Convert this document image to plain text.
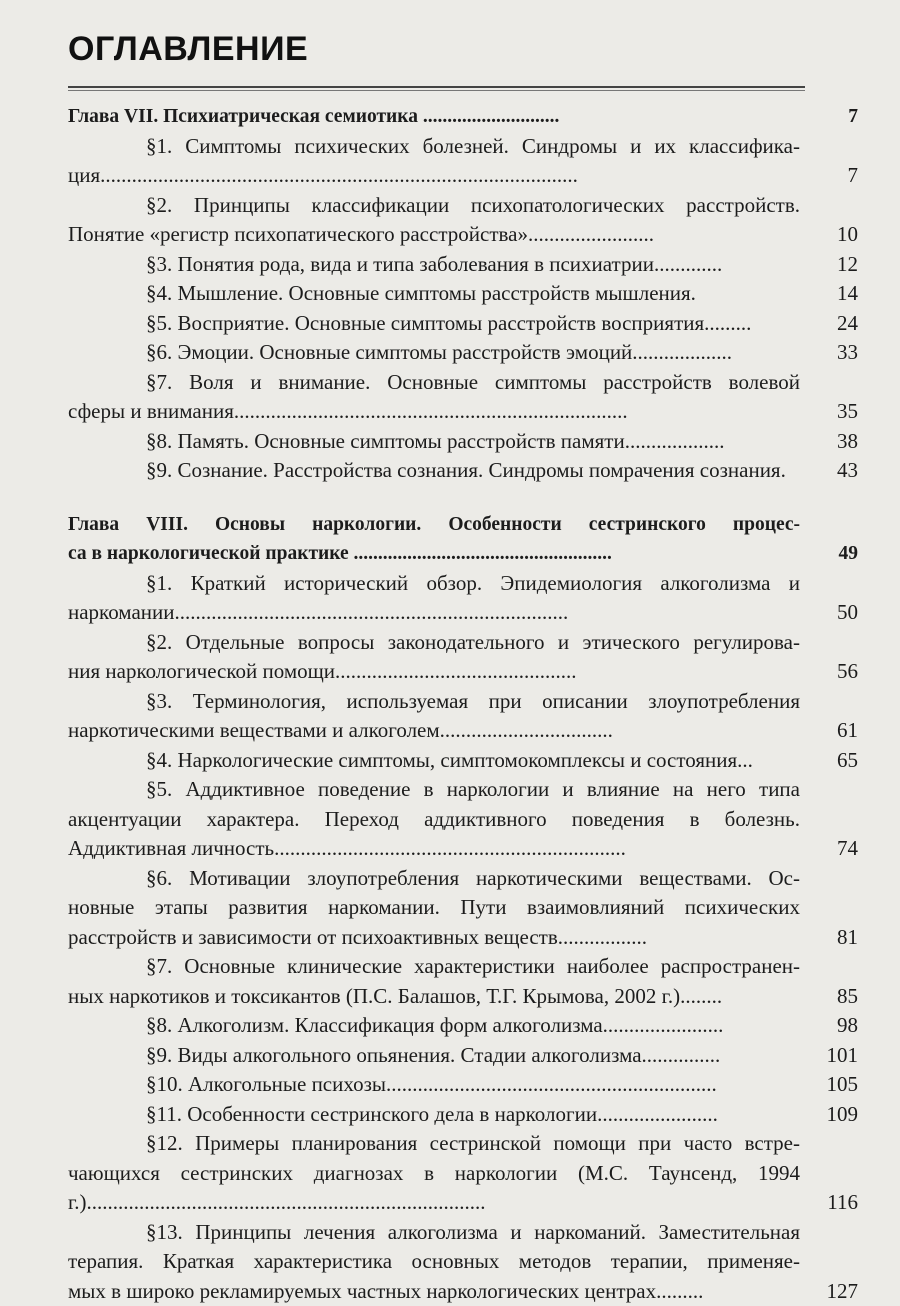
ОГЛАВЛЕНИЕ
Глава VII. Психиатрическая семиотика ............................	7
§1. Симптомы психических болезней. Синдромы и их классифика-
ция...........................................................................................	7
§2. Принципы классификации психопатологических расстройств.
Понятие «регистр психопатического расстройства»........................	10
§3. Понятия рода, вида и типа заболевания в психиатрии.............	12
§4. Мышление. Основные симптомы расстройств мышления.	14
§5. Восприятие. Основные симптомы расстройств восприятия.........	24
§6. Эмоции. Основные симптомы расстройств эмоций...................	33
§7. Воля и внимание. Основные симптомы расстройств волевой
сферы и внимания...........................................................................	35
§8. Память. Основные симптомы расстройств памяти...................	38
§9. Сознание. Расстройства сознания. Синдромы помрачения сознания.	43
Глава VIII. Основы наркологии. Особенности сестринского процес-
са в наркологической практике .....................................................	49
§1. Краткий исторический обзор. Эпидемиология алкоголизма и
наркомании...........................................................................	50
§2. Отдельные вопросы законодательного и этического регулирова-
ния наркологической помощи..............................................	56
§3. Терминология, используемая при описании злоупотребления
наркотическими веществами и алкоголем.................................	61
§4. Наркологические симптомы, симптомокомплексы и состояния...	65
§5. Аддиктивное поведение в наркологии и влияние на него типа
акцентуации характера. Переход аддиктивного поведения в болезнь.
Аддиктивная личность...................................................................	74
§6. Мотивации злоупотребления наркотическими веществами. Ос-
новные этапы развития наркомании. Пути взаимовлияний психических
расстройств и зависимости от психоактивных веществ.................	81
§7. Основные клинические характеристики наиболее распространен-
ных наркотиков и токсикантов (П.С. Балашов, Т.Г. Крымова, 2002 г.)........	85
§8. Алкоголизм. Классификация форм алкоголизма.......................	98
§9. Виды алкогольного опьянения. Стадии алкоголизма...............	101
§10. Алкогольные психозы...............................................................	105
§11. Особенности сестринского дела в наркологии.......................	109
§12. Примеры планирования сестринской помощи при часто встре-
чающихся сестринских диагнозах в наркологии (М.С. Таунсенд, 1994
г.)............................................................................	116
§13. Принципы лечения алкоголизма и наркоманий. Заместительная
терапия. Краткая характеристика основных методов терапии, применяе-
мых в широко рекламируемых частных наркологических центрах.........	127
